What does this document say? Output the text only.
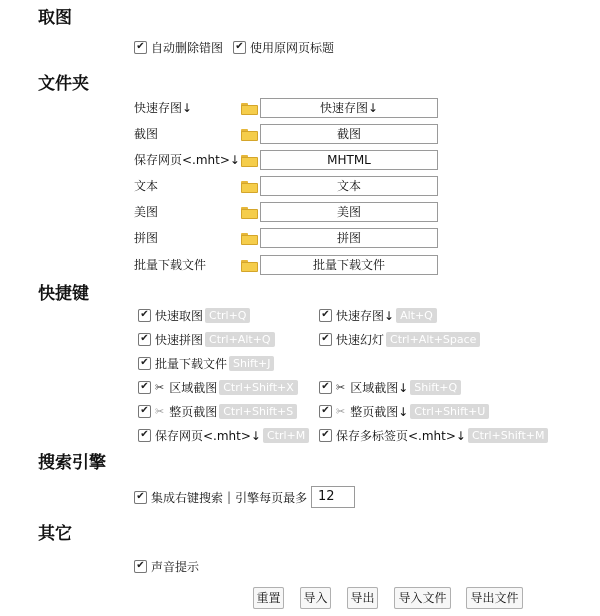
取图
✔ 自动删除错图 ✔ 使用原网页标题
文件夹
快速存图↓	快速存图↓
截图	截图
保存网页<.mht>↓	MHTML
文本	文本
美图	美图
拼图	拼图
批量下载文件	批量下载文件
快捷键
✔ 快速取图 Ctrl+Q	✔ 快速存图↓ Alt+Q
✔ 快速拼图 Ctrl+Alt+Q	✔ 快速幻灯 Ctrl+Alt+Space
✔ 批量下载文件 Shift+J
✔ ✂ 区域截图 Ctrl+Shift+X	✔ ✂ 区域截图↓ Shift+Q
✔ ✂ 整页截图 Ctrl+Shift+S	✔ ✂ 整页截图↓ Ctrl+Shift+U
✔ 保存网页<.mht>↓ Ctrl+M	✔ 保存多标签页<.mht>↓ Ctrl+Shift+M
搜索引擎
✔ 集成右键搜索 | 引擎每页最多 12
其它
✔ 声音提示
重置 导入 导出	导入文件	导出文件
